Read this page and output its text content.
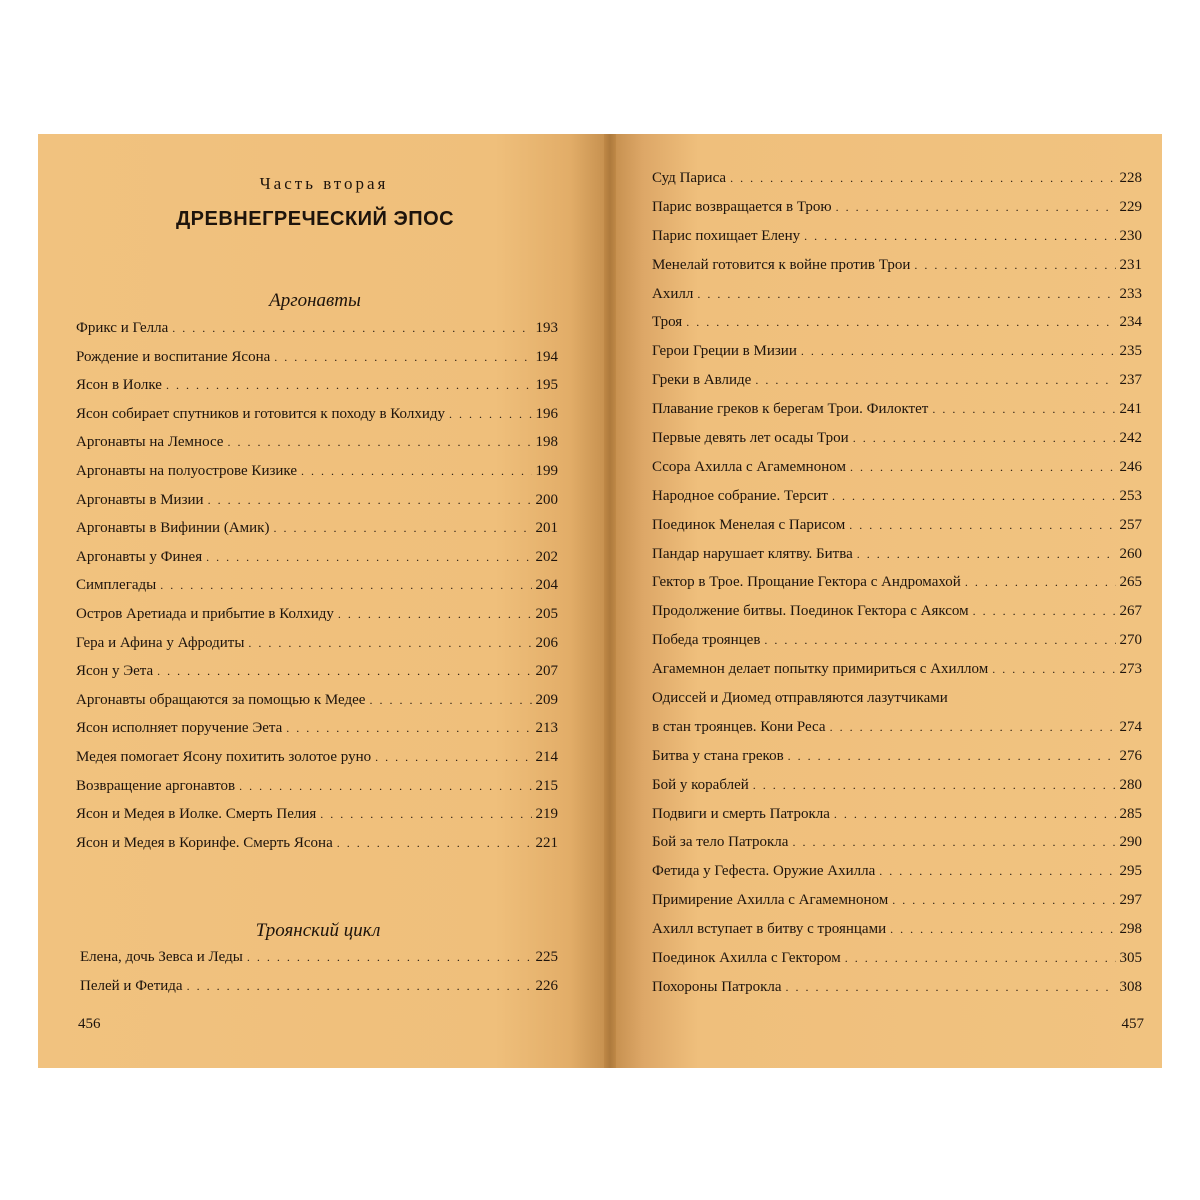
Часть вторая
ДРЕВНЕГРЕЧЕСКИЙ ЭПОС
Аргонавты
Фрикс и Гелла . . .	193
Рождение и воспитание Ясона . . .	194
Ясон в Иолке . . .	195
Ясон собирает спутников и готовится к походу в Колхиду . . .	196
Аргонавты на Лемносе . . .	198
Аргонавты на полуострове Кизике . . .	199
Аргонавты в Мизии . . .	200
Аргонавты в Вифинии (Амик) . . .	201
Аргонавты у Финея . . .	202
Симплегады . . .	204
Остров Аретиада и прибытие в Колхиду . . .	205
Гера и Афина у Афродиты . . .	206
Ясон у Эета . . .	207
Аргонавты обращаются за помощью к Медее . . .	209
Ясон исполняет поручение Эета . . .	213
Медея помогает Ясону похитить золотое руно . . .	214
Возвращение аргонавтов . . .	215
Ясон и Медея в Иолке. Смерть Пелия . . .	219
Ясон и Медея в Коринфе. Смерть Ясона . . .	221
Троянский цикл
Елена, дочь Зевса и Леды . . .	225
Пелей и Фетида . . .	226
456	457
Суд Париса . . .	228
Парис возвращается в Трою . . .	229
Парис похищает Елену . . .	230
Менелай готовится к войне против Трои . . .	231
Ахилл . . .	233
Троя . . .	234
Герои Греции в Мизии . . .	235
Греки в Авлиде . . .	237
Плавание греков к берегам Трои. Филоктет . . .	241
Первые девять лет осады Трои . . .	242
Ссора Ахилла с Агамемноном . . .	246
Народное собрание. Терсит . . .	253
Поединок Менелая с Парисом . . .	257
Пандар нарушает клятву. Битва . . .	260
Гектор в Трое. Прощание Гектора с Андромахой . . .	265
Продолжение битвы. Поединок Гектора с Аяксом . . .	267
Победа троянцев . . .	270
Агамемнон делает попытку примириться с Ахиллом . . .	273
Одиссей и Диомед отправляются лазутчиками
в стан троянцев. Кони Реса . . .	274
Битва у стана греков . . .	276
Бой у кораблей . . .	280
Подвиги и смерть Патрокла . . .	285
Бой за тело Патрокла . . .	290
Фетида у Гефеста. Оружие Ахилла . . .	295
Примирение Ахилла с Агамемноном . . .	297
Ахилл вступает в битву с троянцами . . .	298
Поединок Ахилла с Гектором . . .	305
Похороны Патрокла . . .	308
